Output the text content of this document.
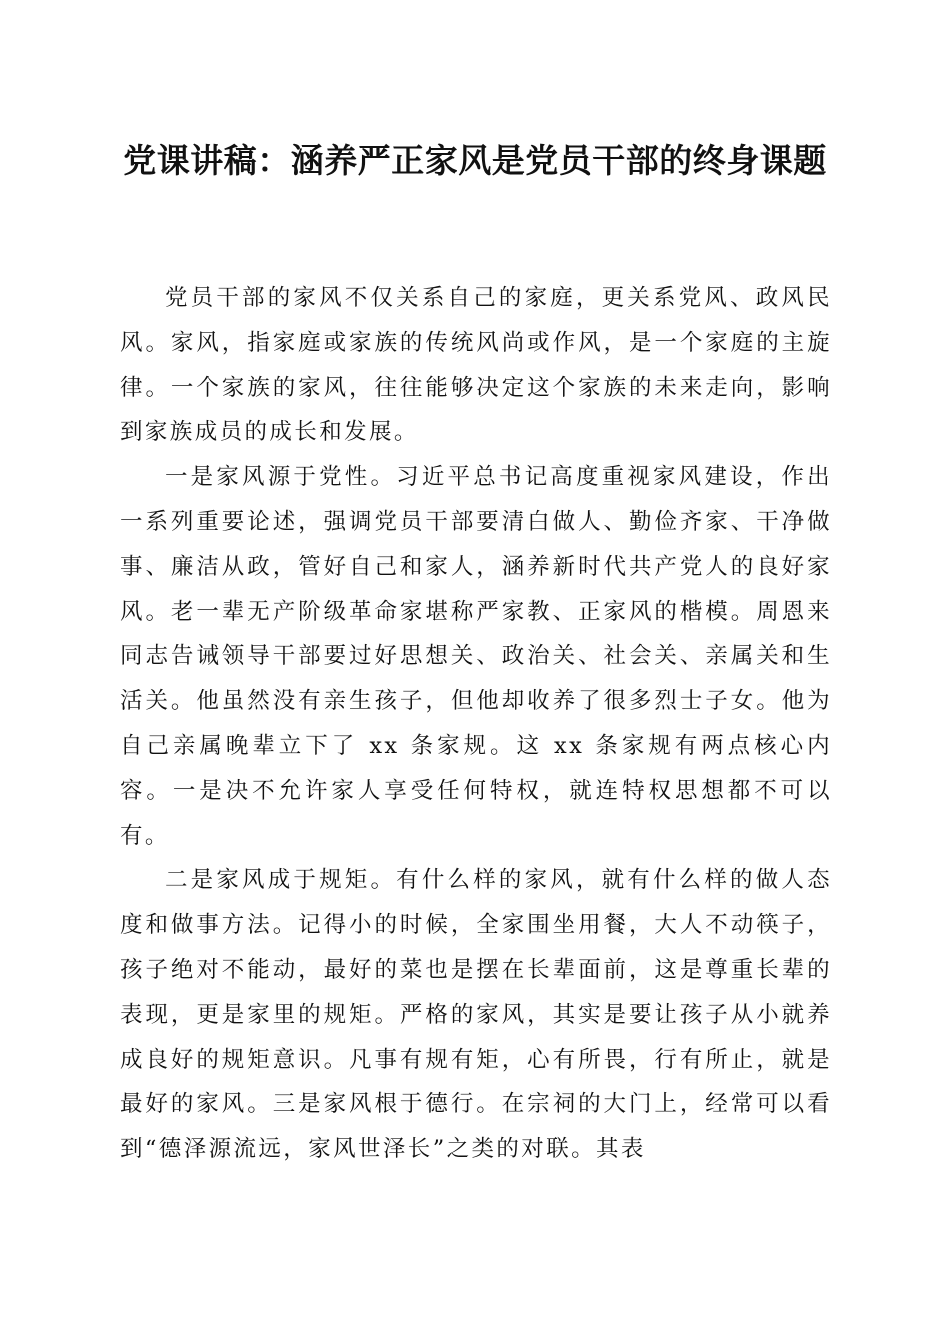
党课讲稿：涵养严正家风是党员干部的终身课题

党员干部的家风不仅关系自己的家庭，更关系党风、政风民风。家风，指家庭或家族的传统风尚或作风，是一个家庭的主旋律。一个家族的家风，往往能够决定这个家族的未来走向，影响到家族成员的成长和发展。

一是家风源于党性。习近平总书记高度重视家风建设，作出一系列重要论述，强调党员干部要清白做人、勤俭齐家、干净做事、廉洁从政，管好自己和家人，涵养新时代共产党人的良好家风。老一辈无产阶级革命家堪称严家教、正家风的楷模。周恩来同志告诫领导干部要过好思想关、政治关、社会关、亲属关和生活关。他虽然没有亲生孩子，但他却收养了很多烈士子女。他为自己亲属晚辈立下了 xx 条家规。这 xx 条家规有两点核心内容。一是决不允许家人享受任何特权，就连特权思想都不可以有。

二是家风成于规矩。有什么样的家风，就有什么样的做人态度和做事方法。记得小的时候，全家围坐用餐，大人不动筷子，孩子绝对不能动，最好的菜也是摆在长辈面前，这是尊重长辈的表现，更是家里的规矩。严格的家风，其实是要让孩子从小就养成良好的规矩意识。凡事有规有矩，心有所畏，行有所止，就是最好的家风。三是家风根于德行。在宗祠的大门上，经常可以看到“德泽源流远，家风世泽长”之类的对联。其表
